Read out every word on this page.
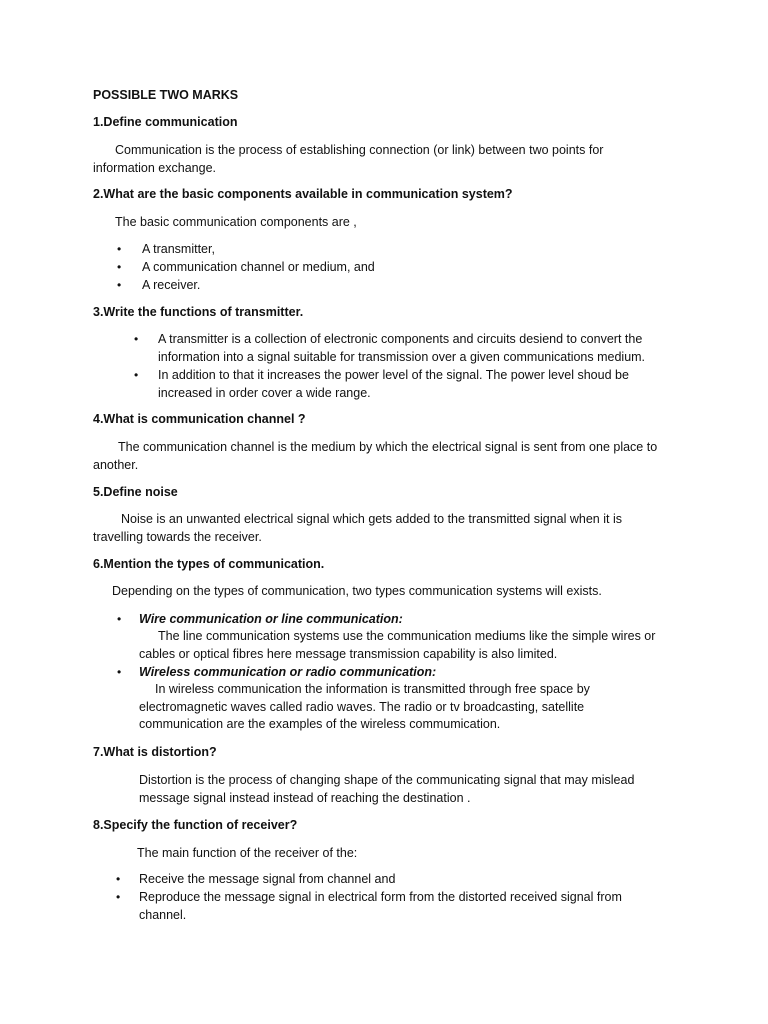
POSSIBLE TWO MARKS
1.Define communication
Communication is the process of establishing connection (or link) between two points for information exchange.
2.What are the basic components available in communication system?
The basic communication components are ,
• A transmitter,
• A communication channel or medium, and
• A receiver.
3.Write the functions of transmitter.
• A transmitter is a collection of electronic components and circuits desiend to convert the information into a signal suitable for transmission over a given communications medium.
• In addition to that it increases the power level of the signal. The power level shoud be increased in order cover a wide range.
4.What is communication channel ?
The communication channel is the medium by which the electrical signal is sent from one place to another.
5.Define noise
Noise is an unwanted electrical signal which gets added to the transmitted signal when it is travelling towards the receiver.
6.Mention the types of communication.
Depending on the types of communication, two types communication systems will exists.
• Wire communication or line communication:
The line communication systems use the communication mediums like the simple wires or cables or optical fibres here message transmission capability is also limited.
• Wireless communication or radio communication:
In wireless communication the information is transmitted through free space by electromagnetic waves called radio waves. The radio or tv broadcasting, satellite communication are the examples of the wireless commumication.
7.What is distortion?
Distortion is the process of changing shape of the communicating signal that may mislead message signal instead instead of reaching the destination .
8.Specify the function of receiver?
The main function of the receiver of the:
• Receive the message signal from channel and
• Reproduce the message signal in electrical form from the distorted received signal from channel.
